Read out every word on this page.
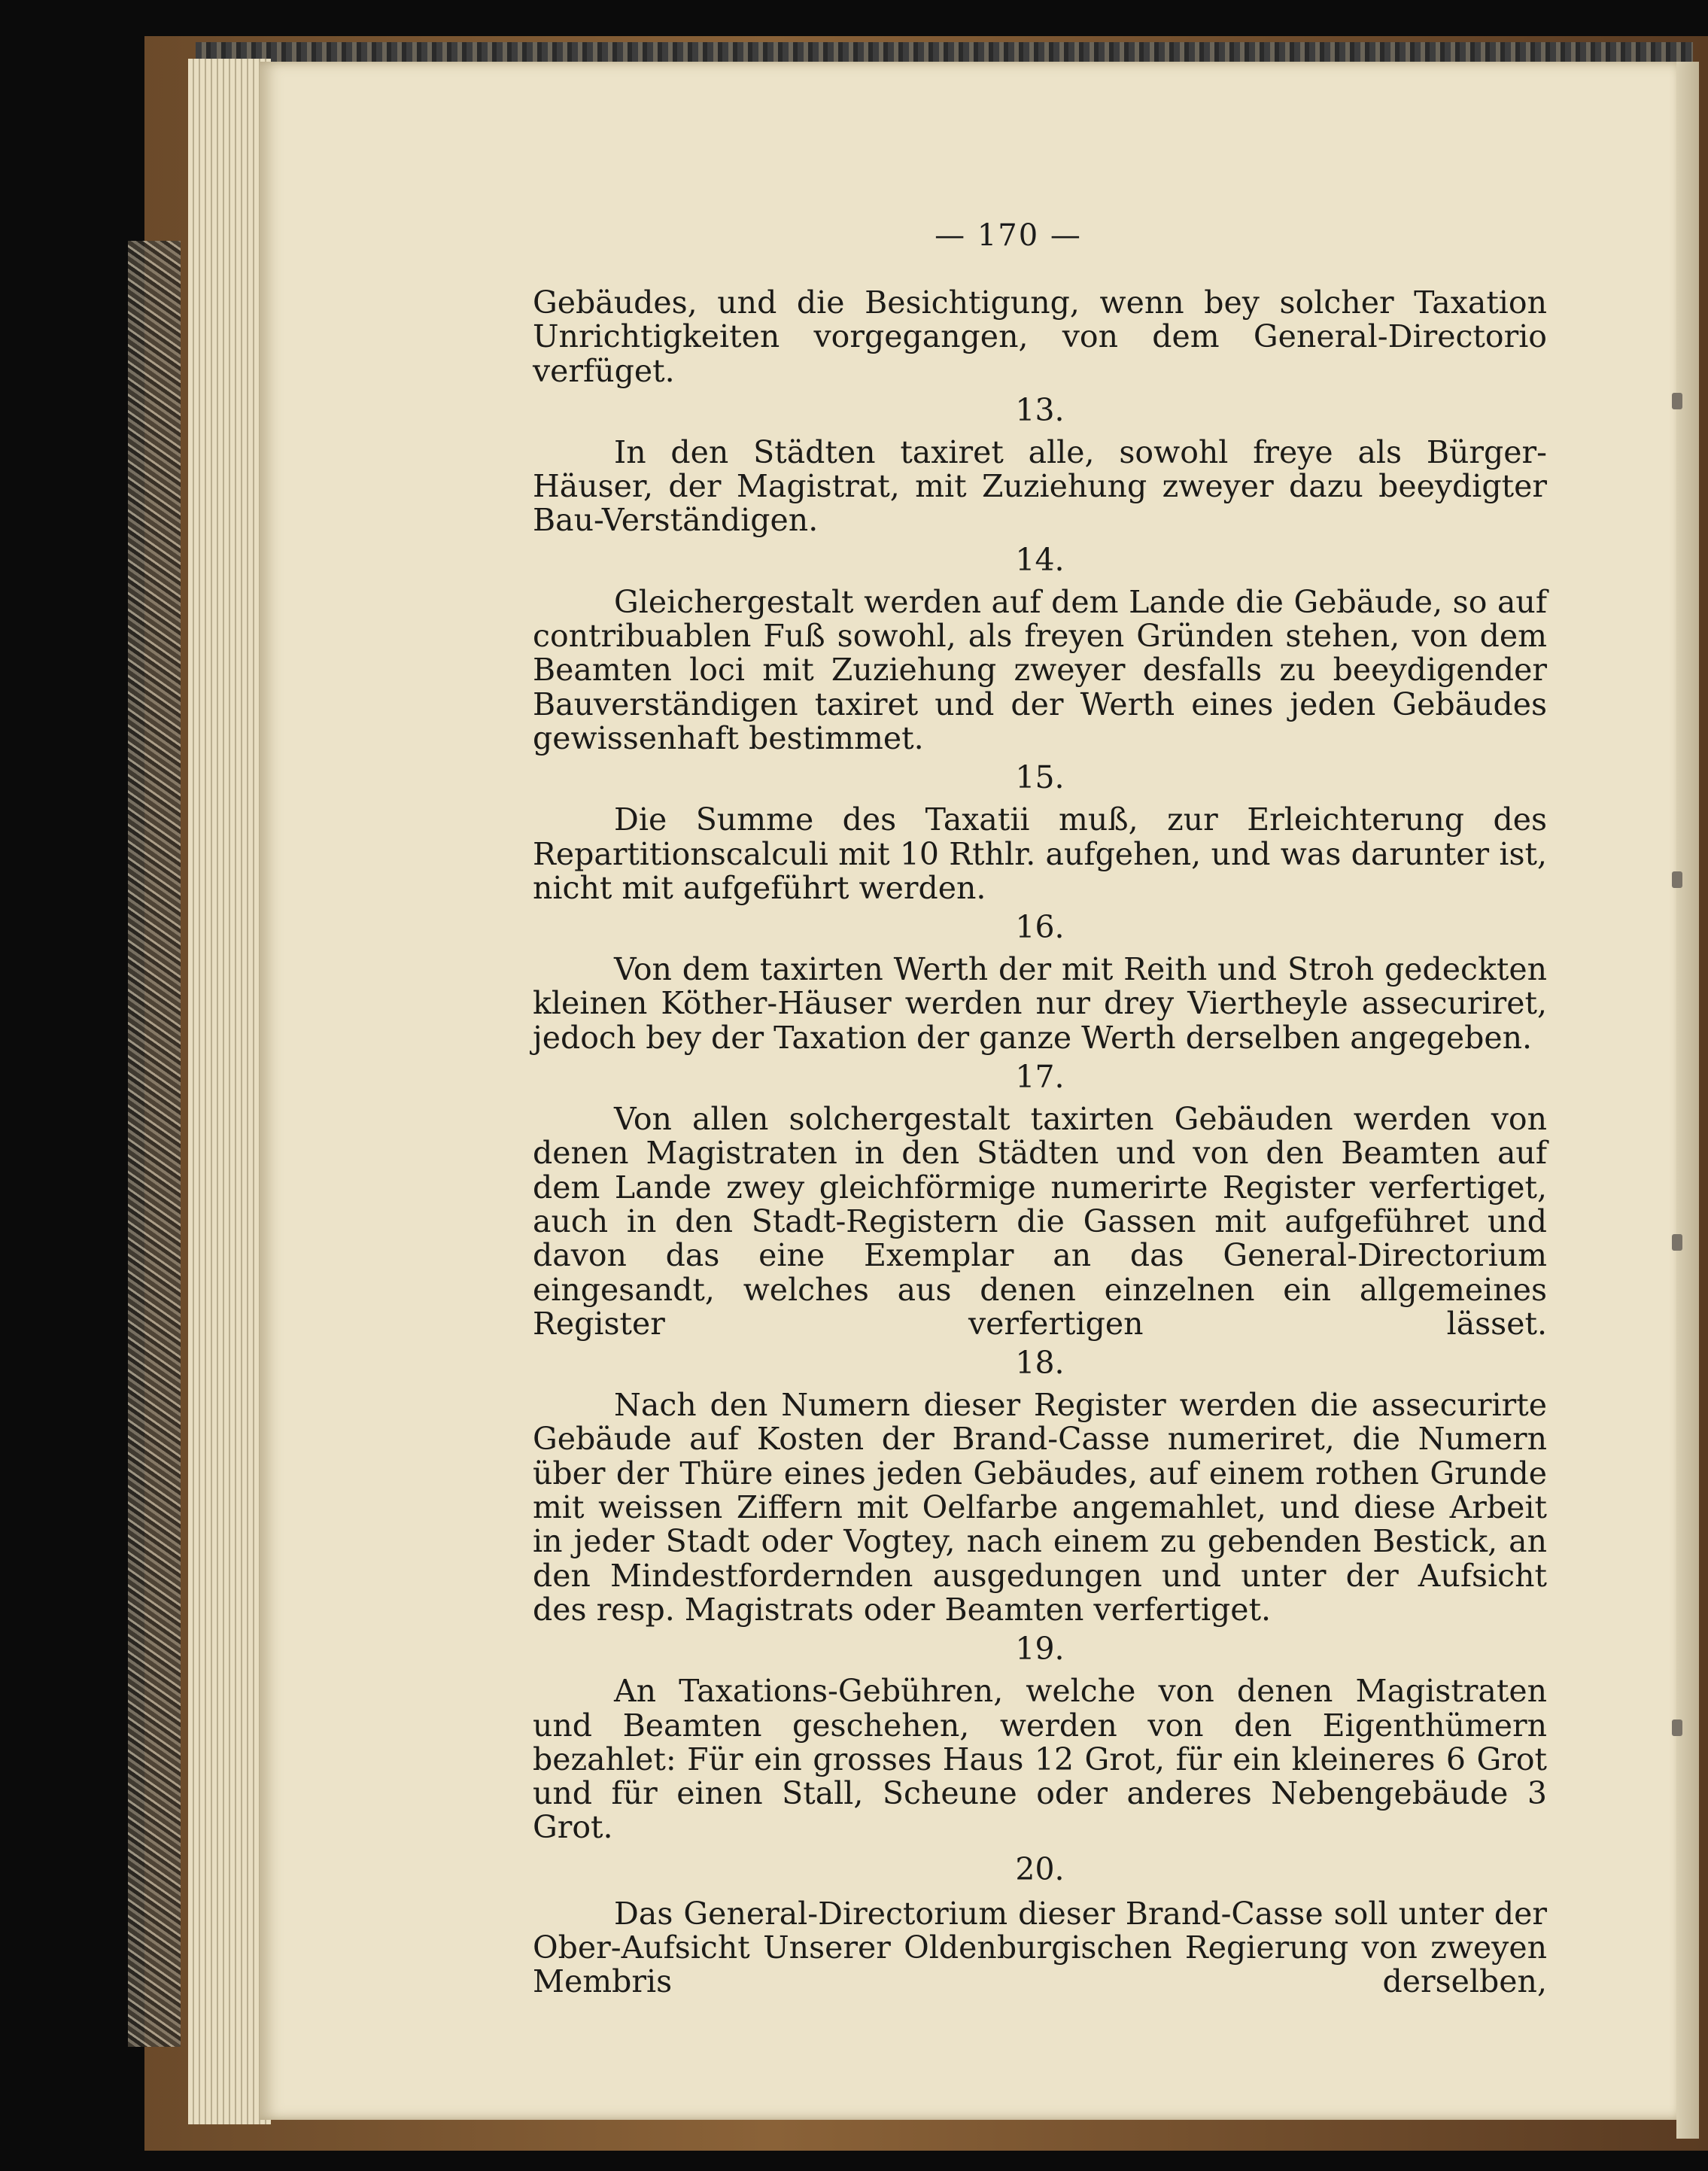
— 170 —

Gebäudes, und die Besichtigung, wenn bey solcher Taxation Unrichtigkeiten vorgegangen, von dem General-Directorio verfüget.

13.

In den Städten taxiret alle, sowohl freye als Bürger-Häuser, der Magistrat, mit Zuziehung zweyer dazu beeydigter Bau-Verständigen.

14.

Gleichergestalt werden auf dem Lande die Gebäude, so auf contribuablen Fuß sowohl, als freyen Gründen stehen, von dem Beamten loci mit Zuziehung zweyer desfalls zu beeydigender Bauverständigen taxiret und der Werth eines jeden Gebäudes gewissenhaft bestimmet.

15.

Die Summe des Taxatii muß, zur Erleichterung des Repartitionscalculi mit 10 Rthlr. aufgehen, und was darunter ist, nicht mit aufgeführt werden.

16.

Von dem taxirten Werth der mit Reith und Stroh gedeckten kleinen Köther-Häuser werden nur drey Viertheyle assecuriret, jedoch bey der Taxation der ganze Werth derselben angegeben.

17.

Von allen solchergestalt taxirten Gebäuden werden von denen Magistraten in den Städten und von den Beamten auf dem Lande zwey gleichförmige numerirte Register verfertiget, auch in den Stadt-Registern die Gassen mit aufgeführet und davon das eine Exemplar an das General-Directorium eingesandt, welches aus denen einzelnen ein allgemeines Register verfertigen lässet.

18.

Nach den Numern dieser Register werden die assecurirte Gebäude auf Kosten der Brand-Casse numeriret, die Numern über der Thüre eines jeden Gebäudes, auf einem rothen Grunde mit weissen Ziffern mit Oelfarbe angemahlet, und diese Arbeit in jeder Stadt oder Vogtey, nach einem zu gebenden Bestick, an den Mindestfordernden ausgedungen und unter der Aufsicht des resp. Magistrats oder Beamten verfertiget.

19.

An Taxations-Gebühren, welche von denen Magistraten und Beamten geschehen, werden von den Eigenthümern bezahlet: Für ein grosses Haus 12 Grot, für ein kleineres 6 Grot und für einen Stall, Scheune oder anderes Nebengebäude 3 Grot.

20.

Das General-Directorium dieser Brand-Casse soll unter der Ober-Aufsicht Unserer Oldenburgischen Regierung von zweyen Membris derselben,
